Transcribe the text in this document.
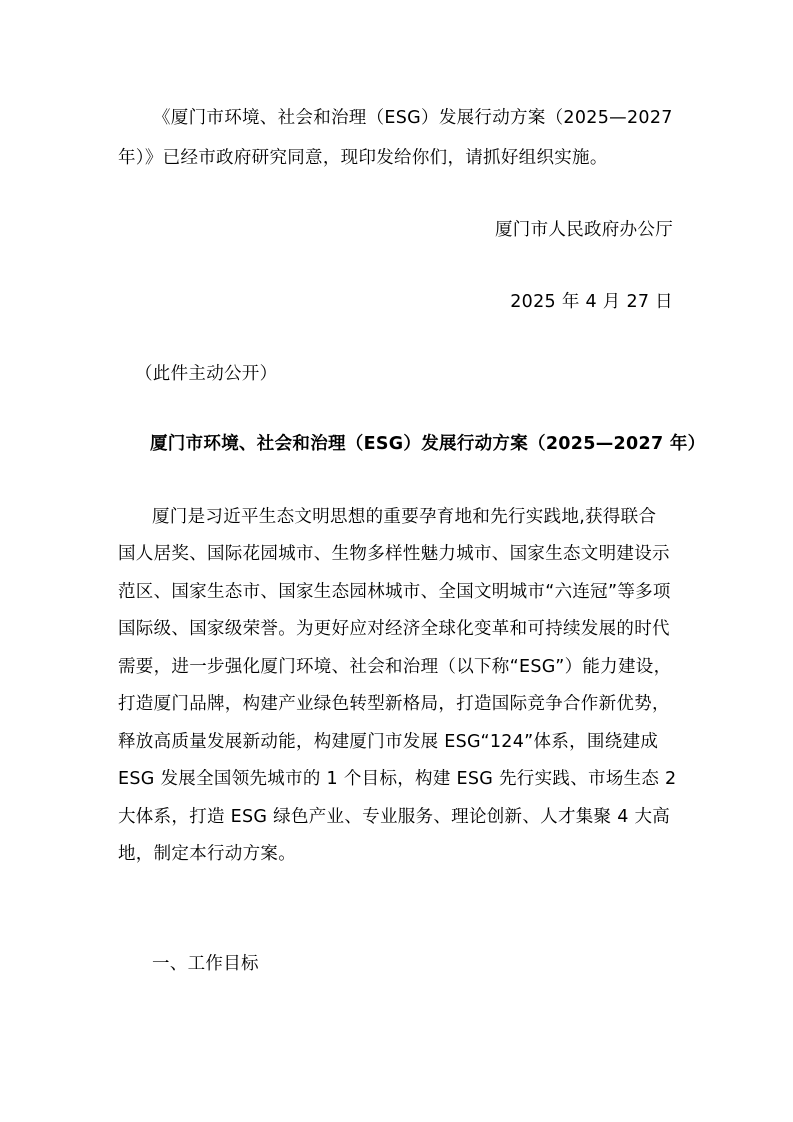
《厦门市环境、社会和治理（ESG）发展行动方案（2025—2027
年）》已经市政府研究同意，现印发给你们，请抓好组织实施。
厦门市人民政府办公厅
2025 年 4 月 27 日
（此件主动公开）
厦门市环境、社会和治理（ESG）发展行动方案（2025—2027 年）
厦门是习近平生态文明思想的重要孕育地和先行实践地,获得联合
国人居奖、国际花园城市、生物多样性魅力城市、国家生态文明建设示
范区、国家生态市、国家生态园林城市、全国文明城市“六连冠”等多项
国际级、国家级荣誉。为更好应对经济全球化变革和可持续发展的时代
需要，进一步强化厦门环境、社会和治理（以下称“ESG”）能力建设，
打造厦门品牌，构建产业绿色转型新格局，打造国际竞争合作新优势，
释放高质量发展新动能，构建厦门市发展 ESG“124”体系，围绕建成
ESG 发展全国领先城市的 1 个目标，构建 ESG 先行实践、市场生态 2
大体系，打造 ESG 绿色产业、专业服务、理论创新、人才集聚 4 大高
地，制定本行动方案。
一、工作目标
